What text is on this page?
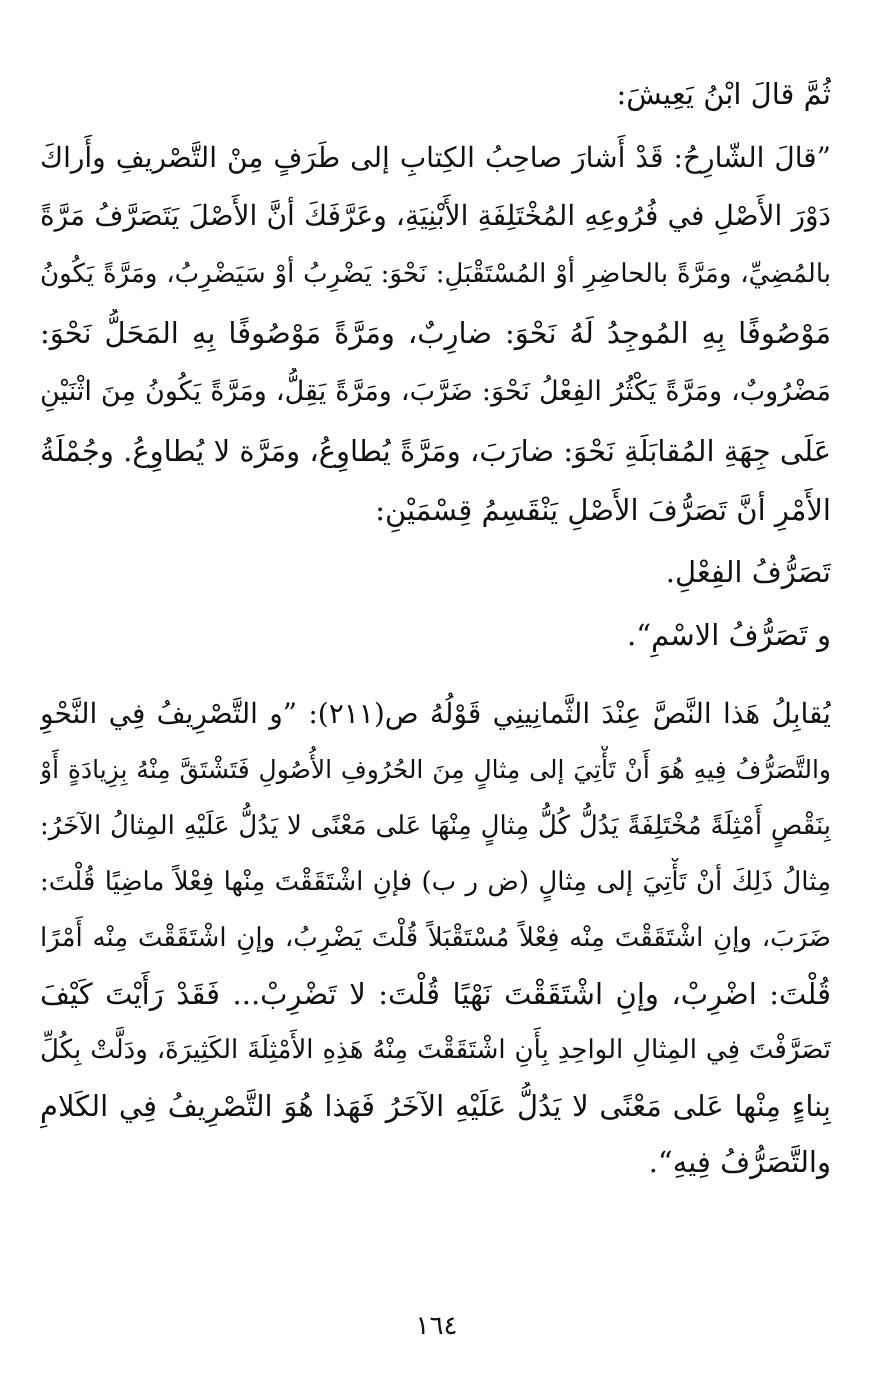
ثُمَّ قالَ ابْنُ يَعِيشَ:
”قالَ الشّارِحُ: قَدْ أَشارَ صاحِبُ الكِتابِ إلى طَرَفٍ مِنْ التَّصْريفِ وأَراكَ
دَوْرَ الأَصْلِ في فُرُوعِهِ المُخْتَلِفَةِ الأَبْنِيَةِ، وعَرَّفَكَ أنَّ الأَصْلَ يَتَصَرَّفُ مَرَّةً
بالمُضِيِّ، ومَرَّةً بالحاضِرِ أوْ المُسْتَقْبَلِ: نَحْوَ: يَضْرِبُ أوْ سَيَضْرِبُ، ومَرَّةً يَكُونُ
مَوْصُوفًا بِهِ المُوجِدُ لَهُ نَحْوَ: ضارِبٌ، ومَرَّةً مَوْصُوفًا بِهِ المَحَلُّ نَحْوَ:
مَضْرُوبٌ، ومَرَّةً يَكْثُرُ الفِعْلُ نَحْوَ: ضَرَّبَ، ومَرَّةً يَقِلُّ، ومَرَّةً يَكُونُ مِنَ اثْنَيْنِ
عَلَى جِهَةِ المُقابَلَةِ نَحْوَ: ضارَبَ، ومَرَّةً يُطاوِعُ، ومَرَّة لا يُطاوِعُ. وجُمْلَةُ
الأَمْرِ أنَّ تَصَرُّفَ الأَصْلِ يَنْقَسِمُ قِسْمَيْنِ:
تَصَرُّفُ الفِعْلِ.
و تَصَرُّفُ الاسْمِ“.
يُقابِلُ هَذا النَّصَّ عِنْدَ الثَّمانِينِي قَوْلُهُ ص(٢١١): ”و التَّصْرِيفُ فِي النَّحْوِ
والتَّصَرُّفُ فِيهِ هُوَ أَنْ تَأْتِيَ إلى مِثالٍ مِنَ الحُرُوفِ الأُصُولِ فَتَشْتَقَّ مِنْهُ بِزِيادَةٍ أَوْ
بِنَقْصٍ أَمْثِلَةً مُخْتَلِفَةً يَدُلُّ كُلُّ مِثالٍ مِنْهَا عَلى مَعْنًى لا يَدُلُّ عَلَيْهِ المِثالُ الآخَرُ:
مِثالُ ذَلِكَ أنْ تَأْتِيَ إلى مِثالٍ (ض ر ب) فإنِ اشْتَقَقْتَ مِنْها فِعْلاً ماضِيًا قُلْتَ:
ضَرَبَ، وإنِ اشْتَقَقْتَ مِنْه فِعْلاً مُسْتَقْبَلاً قُلْتَ يَضْرِبُ، وإنِ اشْتَقَقْتَ مِنْه أَمْرًا
قُلْتَ: اضْرِبْ، وإنِ اشْتَقَقْتَ نَهْيًا قُلْتَ: لا تَضْرِبْ... فَقَدْ رَأَيْتَ كَيْفَ
تَصَرَّفْتَ فِي المِثالِ الواحِدِ بِأَنِ اشْتَقَقْتَ مِنْهُ هَذِهِ الأَمْثِلَةَ الكَثِيرَةَ، ودَلَّتْ بِكُلِّ
بِناءٍ مِنْها عَلى مَعْنًى لا يَدُلُّ عَلَيْهِ الآخَرُ فَهَذا هُوَ التَّصْرِيفُ فِي الكَلامِ
والتَّصَرُّفُ فِيهِ“.
١٦٤
